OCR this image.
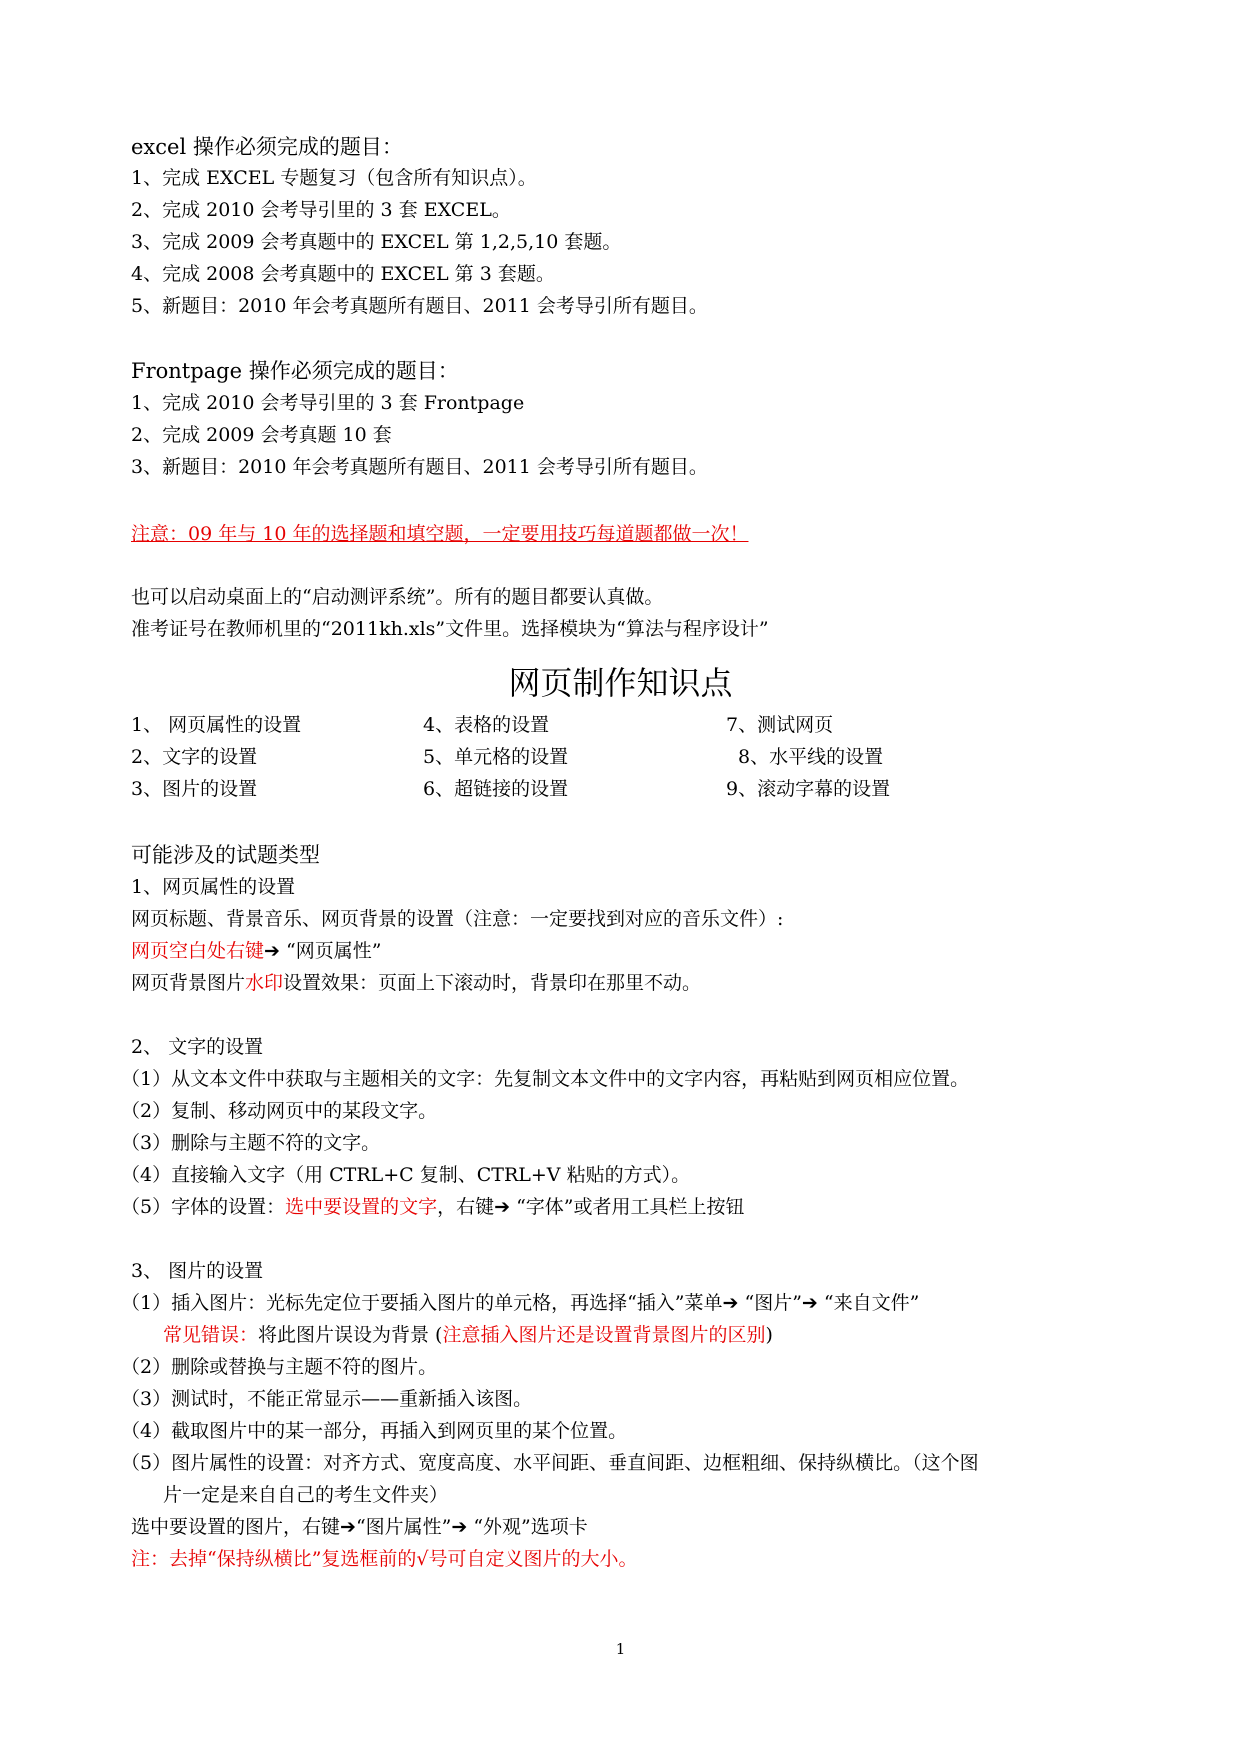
excel 操作必须完成的题目：
1、完成 EXCEL 专题复习（包含所有知识点）。
2、完成 2010 会考导引里的 3 套 EXCEL。
3、完成 2009 会考真题中的 EXCEL 第 1,2,5,10 套题。
4、完成 2008 会考真题中的 EXCEL 第 3 套题。
5、新题目：2010 年会考真题所有题目、2011 会考导引所有题目。
Frontpage 操作必须完成的题目：
1、完成 2010 会考导引里的 3 套 Frontpage
2、完成 2009 会考真题 10 套
3、新题目：2010 年会考真题所有题目、2011 会考导引所有题目。
注意：09 年与 10 年的选择题和填空题，一定要用技巧每道题都做一次！
也可以启动桌面上的“启动测评系统”。所有的题目都要认真做。
准考证号在教师机里的“2011kh.xls”文件里。选择模块为“算法与程序设计”
网页制作知识点
1、 网页属性的设置	4、表格的设置	7、测试网页
2、文字的设置	5、单元格的设置	8、水平线的设置
3、图片的设置	6、超链接的设置	9、滚动字幕的设置
可能涉及的试题类型
1、网页属性的设置
网页标题、背景音乐、网页背景的设置（注意：一定要找到对应的音乐文件）:
网页空白处右键➔ “网页属性”
网页背景图片水印设置效果：页面上下滚动时，背景印在那里不动。
2、 文字的设置
（1）从文本文件中获取与主题相关的文字：先复制文本文件中的文字内容，再粘贴到网页相应位置。
（2）复制、移动网页中的某段文字。
（3）删除与主题不符的文字。
（4）直接输入文字（用 CTRL+C 复制、CTRL+V 粘贴的方式）。
（5）字体的设置：选中要设置的文字，右键➔ “字体”或者用工具栏上按钮
3、 图片的设置
（1）插入图片：光标先定位于要插入图片的单元格，再选择“插入”菜单➔ “图片”➔ “来自文件”
常见错误：将此图片误设为背景 (注意插入图片还是设置背景图片的区别)
（2）删除或替换与主题不符的图片。
（3）测试时，不能正常显示——重新插入该图。
（4）截取图片中的某一部分，再插入到网页里的某个位置。
（5）图片属性的设置：对齐方式、宽度高度、水平间距、垂直间距、边框粗细、保持纵横比。（这个图
片一定是来自自己的考生文件夹）
选中要设置的图片，右键➔“图片属性”➔ “外观”选项卡
注：去掉“保持纵横比”复选框前的√号可自定义图片的大小。
1
